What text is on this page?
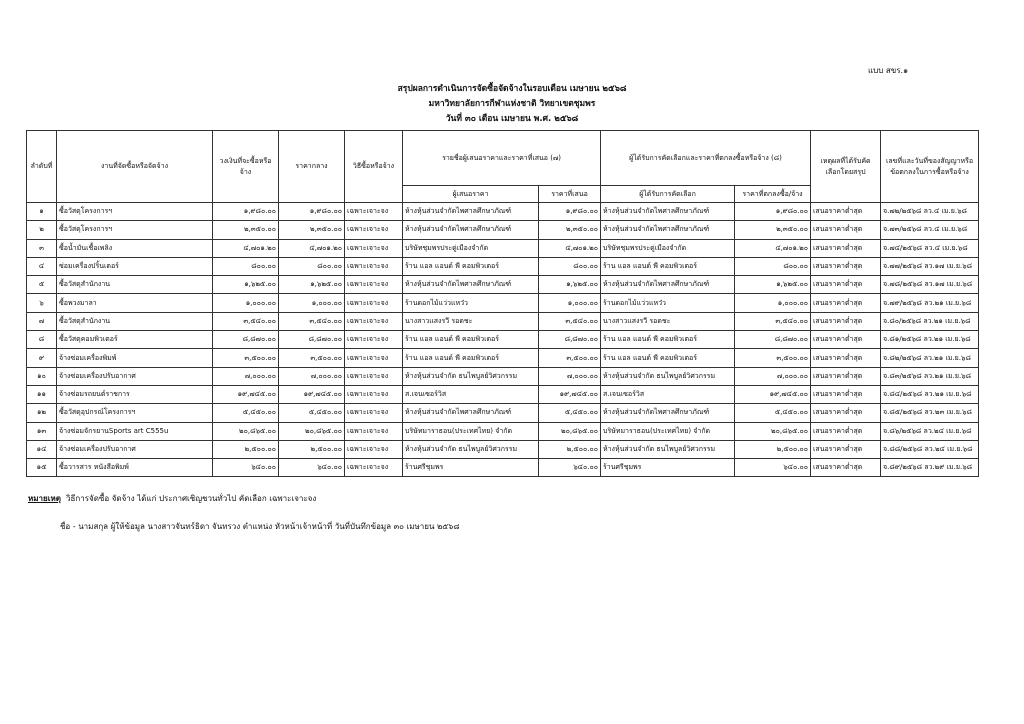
แบบ สขร.๑
สรุปผลการดำเนินการจัดซื้อจัดจ้างในรอบเดือน เมษายน ๒๕๖๘
มหาวิทยาลัยการกีฬาแห่งชาติ วิทยาเขตชุมพร
วันที่ ๓๐ เดือน เมษายน พ.ศ. ๒๕๖๘
ลำดับที่	งานที่จัดซื้อหรือจัดจ้าง	วงเงินที่จะซื้อหรือจ้าง	ราคากลาง	วิธีซื้อหรือจ้าง	รายชื่อผู้เสนอราคาและราคาที่เสนอ (๗)		ผู้ได้รับการคัดเลือกและราคาที่ตกลงซื้อหรือจ้าง (๘)		เหตุผลที่ได้รับคัดเลือกโดยสรุป	เลขที่และวันที่ของสัญญาหรือข้อตกลงในการซื้อหรือจ้าง
					ผู้เสนอราคา	ราคาที่เสนอ	ผู้ได้รับการคัดเลือก	ราคาที่ตกลงซื้อ/จ้าง		
๑	ซื้อวัสดุโครงการฯ	๑,๙๘๐.๐๐	๑,๙๘๐.๐๐	เฉพาะเจาะจง	ห้างหุ้นส่วนจำกัดไพศาลศึกษาภัณฑ์	๑,๙๘๐.๐๐	ห้างหุ้นส่วนจำกัดไพศาลศึกษาภัณฑ์	๑,๙๘๐.๐๐	เสนอราคาต่ำสุด	จ.๗๒/๒๕๖๘ ลว.๔ เม.ย.๖๘
๒	ซื้อวัสดุโครงการฯ	๒,๓๕๐.๐๐	๒,๓๕๐.๐๐	เฉพาะเจาะจง	ห้างหุ้นส่วนจำกัดไพศาลศึกษาภัณฑ์	๒,๓๕๐.๐๐	ห้างหุ้นส่วนจำกัดไพศาลศึกษาภัณฑ์	๒,๓๕๐.๐๐	เสนอราคาต่ำสุด	จ.๗๓/๒๕๖๘ ลว.๔ เม.ย.๖๘
๓	ซื้อน้ำมันเชื้อเพลิง	๔,๗๐๑.๒๐	๔,๗๐๑.๒๐	เฉพาะเจาะจง	บริษัทชุมพรประดู่เมืองจำกัด	๔,๗๐๑.๒๐	บริษัทชุมพรประดู่เมืองจำกัด	๔,๗๐๑.๒๐	เสนอราคาต่ำสุด	จ.๗๔/๒๕๖๘ ลว.๔ เม.ย.๖๘
๔	ซ่อมเครื่องปริ้นเตอร์	๘๐๐.๐๐	๘๐๐.๐๐	เฉพาะเจาะจง	ร้าน แอล แอนด์ พี คอมพิวเตอร์	๘๐๐.๐๐	ร้าน แอล แอนด์ พี คอมพิวเตอร์	๘๐๐.๐๐	เสนอราคาต่ำสุด	จ.๗๗/๒๕๖๘ ลว.๑๗ เม.ย.๖๘
๕	ซื้อวัสดุสำนักงาน	๑,๖๒๕.๐๐	๑,๖๒๕.๐๐	เฉพาะเจาะจง	ห้างหุ้นส่วนจำกัดไพศาลศึกษาภัณฑ์	๑,๖๒๕.๐๐	ห้างหุ้นส่วนจำกัดไพศาลศึกษาภัณฑ์	๑,๖๒๕.๐๐	เสนอราคาต่ำสุด	จ.๗๘/๒๕๖๘ ลว.๑๗ เม.ย.๖๘
๖	ซื้อพวงมาลา	๑,๐๐๐.๐๐	๑,๐๐๐.๐๐	เฉพาะเจาะจง	ร้านดอกไม้แว่วแหว๋ว	๑,๐๐๐.๐๐	ร้านดอกไม้แว่วแหว๋ว	๑,๐๐๐.๐๐	เสนอราคาต่ำสุด	จ.๗๙/๒๕๖๘ ลว.๒๑ เม.ย.๖๘
๗	ซื้อวัสดุสำนักงาน	๓,๕๔๐.๐๐	๓,๕๔๐.๐๐	เฉพาะเจาะจง	นางสาวแสงรวี รอดชะ	๓,๕๔๐.๐๐	นางสาวแสงรวี รอดชะ	๓,๕๔๐.๐๐	เสนอราคาต่ำสุด	จ.๘๐/๒๕๖๘ ลว.๒๑ เม.ย.๖๘
๘	ซื้อวัสดุคอมพิวเตอร์	๘,๘๗๐.๐๐	๘,๘๗๐.๐๐	เฉพาะเจาะจง	ร้าน แอล แอนด์ พี คอมพิวเตอร์	๘,๘๗๐.๐๐	ร้าน แอล แอนด์ พี คอมพิวเตอร์	๘,๘๗๐.๐๐	เสนอราคาต่ำสุด	จ.๘๑/๒๕๖๘ ลว.๒๑ เม.ย.๖๘
๙	จ้างซ่อมเครื่องพิมพ์	๓,๕๐๐.๐๐	๓,๕๐๐.๐๐	เฉพาะเจาะจง	ร้าน แอล แอนด์ พี คอมพิวเตอร์	๓,๕๐๐.๐๐	ร้าน แอล แอนด์ พี คอมพิวเตอร์	๓,๕๐๐.๐๐	เสนอราคาต่ำสุด	จ.๘๒/๒๕๖๘ ลว.๒๑ เม.ย.๖๘
๑๐	จ้างซ่อมเครื่องปรับอากาศ	๗,๐๐๐.๐๐	๗,๐๐๐.๐๐	เฉพาะเจาะจง	ห้างหุ้นส่วนจำกัด ธนไพบูลย์วิศวกรรม	๗,๐๐๐.๐๐	ห้างหุ้นส่วนจำกัด ธนไพบูลย์วิศวกรรม	๗,๐๐๐.๐๐	เสนอราคาต่ำสุด	จ.๘๓/๒๕๖๘ ลว.๒๑ เม.ย.๖๘
๑๑	จ้างซ่อมรถยนต์ราชการ	๑๙,๗๔๕.๐๐	๑๙,๗๔๕.๐๐	เฉพาะเจาะจง	ส.เจนเซอร์วิส	๑๙,๗๔๕.๐๐	ส.เจนเซอร์วิส	๑๙,๗๔๕.๐๐	เสนอราคาต่ำสุด	จ.๘๔/๒๕๖๘ ลว.๒๑ เม.ย.๖๘
๑๒	ซื้อวัสดุอุปกรณ์โครงการฯ	๕,๔๕๐.๐๐	๕,๔๕๐.๐๐	เฉพาะเจาะจง	ห้างหุ้นส่วนจำกัดไพศาลศึกษาภัณฑ์	๕,๔๕๐.๐๐	ห้างหุ้นส่วนจำกัดไพศาลศึกษาภัณฑ์	๕,๔๕๐.๐๐	เสนอราคาต่ำสุด	จ.๘๕/๒๕๖๘ ลว.๒๓ เม.ย.๖๘
๑๓	จ้างซ่อมจักรยานSports art C555u	๒๐,๘๖๕.๐๐	๒๐,๘๖๕.๐๐	เฉพาะเจาะจง	บริษัทมาราธอน(ประเทศไทย) จำกัด	๒๐,๘๖๕.๐๐	บริษัทมาราธอน(ประเทศไทย) จำกัด	๒๐,๘๖๕.๐๐	เสนอราคาต่ำสุด	จ.๘๖/๒๕๖๘ ลว.๒๔ เม.ย.๖๘
๑๔	จ้างซ่อมเครื่องปรับอากาศ	๒,๕๐๐.๐๐	๒,๕๐๐.๐๐	เฉพาะเจาะจง	ห้างหุ้นส่วนจำกัด ธนไพบูลย์วิศวกรรม	๒,๕๐๐.๐๐	ห้างหุ้นส่วนจำกัด ธนไพบูลย์วิศวกรรม	๒,๕๐๐.๐๐	เสนอราคาต่ำสุด	จ.๘๘/๒๕๖๘ ลว.๒๔ เม.ย.๖๘
๑๕	ซื้อวารสาร หนังสือพิมพ์	๖๔๐.๐๐	๖๔๐.๐๐	เฉพาะเจาะจง	ร้านศรีชุมพร	๖๔๐.๐๐	ร้านศรีชุมพร	๖๔๐.๐๐	เสนอราคาต่ำสุด	จ.๘๙/๒๕๖๘ ลว.๒๙ เม.ย.๖๘
หมายเหตุ วิธีการจัดซื้อ จัดจ้าง ได้แก่ ประกาศเชิญชวนทั่วไป คัดเลือก เฉพาะเจาะจง
ชื่อ - นามสกุล ผู้ให้ข้อมูล นางสาวจันทร์ธิดา จันทรวง ตำแหน่ง หัวหน้าเจ้าหน้าที่ วันที่บันทึกข้อมูล ๓๐ เมษายน ๒๕๖๘
